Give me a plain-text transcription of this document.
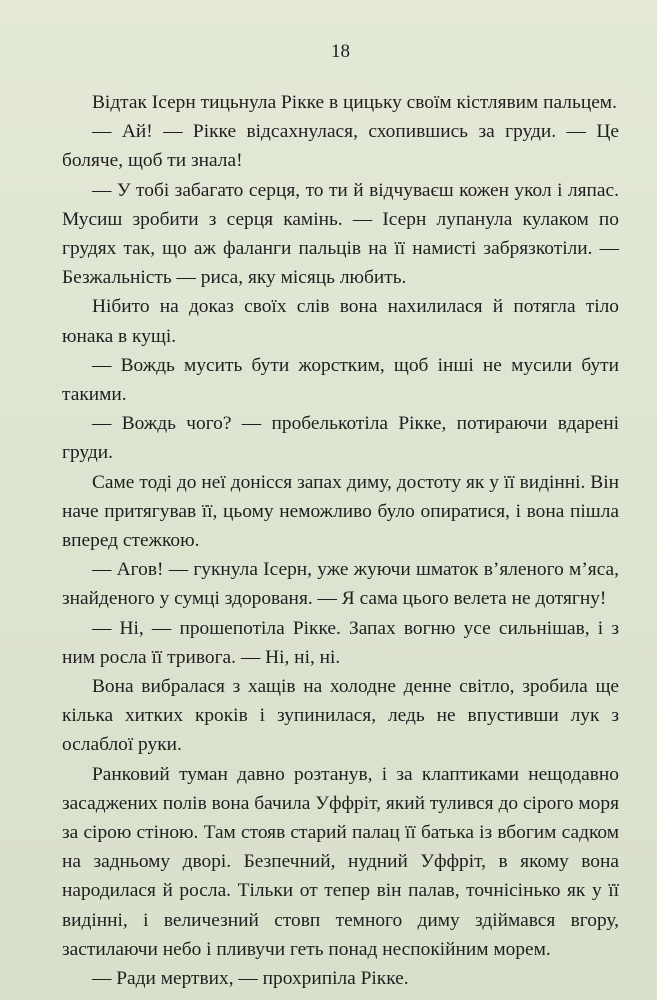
18

Відтак Ісерн тицьнула Рікке в цицьку своїм кістлявим пальцем.

— Ай! — Рікке відсахнулася, схопившись за груди. — Це боляче, щоб ти знала!

— У тобі забагато серця, то ти й відчуваєш кожен укол і ляпас. Мусиш зробити з серця камінь. — Ісерн лупанула кулаком по грудях так, що аж фаланги пальців на її намисті забрязкотіли. — Безжальність — риса, яку місяць любить.

Нібито на доказ своїх слів вона нахилилася й потягла тіло юнака в кущі.

— Вождь мусить бути жорстким, щоб інші не мусили бути такими.

— Вождь чого? — пробелькотіла Рікке, потираючи вдарені груди.

Саме тоді до неї донісся запах диму, достоту як у її видінні. Він наче притягував її, цьому неможливо було опиратися, і вона пішла вперед стежкою.

— Агов! — гукнула Ісерн, уже жуючи шматок в’яленого м’яса, знайденого у сумці здорованя. — Я сама цього велета не дотягну!

— Ні, — прошепотіла Рікке. Запах вогню усе сильнішав, і з ним росла її тривога. — Ні, ні, ні.

Вона вибралася з хащів на холодне денне світло, зробила ще кілька хитких кроків і зупинилася, ледь не впустивши лук з ослаблої руки.

Ранковий туман давно розтанув, і за клаптиками нещодавно засаджених полів вона бачила Уффріт, який тулився до сірого моря за сірою стіною. Там стояв старий палац її батька із вбогим садком на задньому дворі. Безпечний, нудний Уффріт, в якому вона народилася й росла. Тільки от тепер він палав, точнісінько як у її видінні, і величезний стовп темного диму здіймався вгору, застилаючи небо і пливучи геть понад неспокійним морем.

— Ради мертвих, — прохрипіла Рікке.
